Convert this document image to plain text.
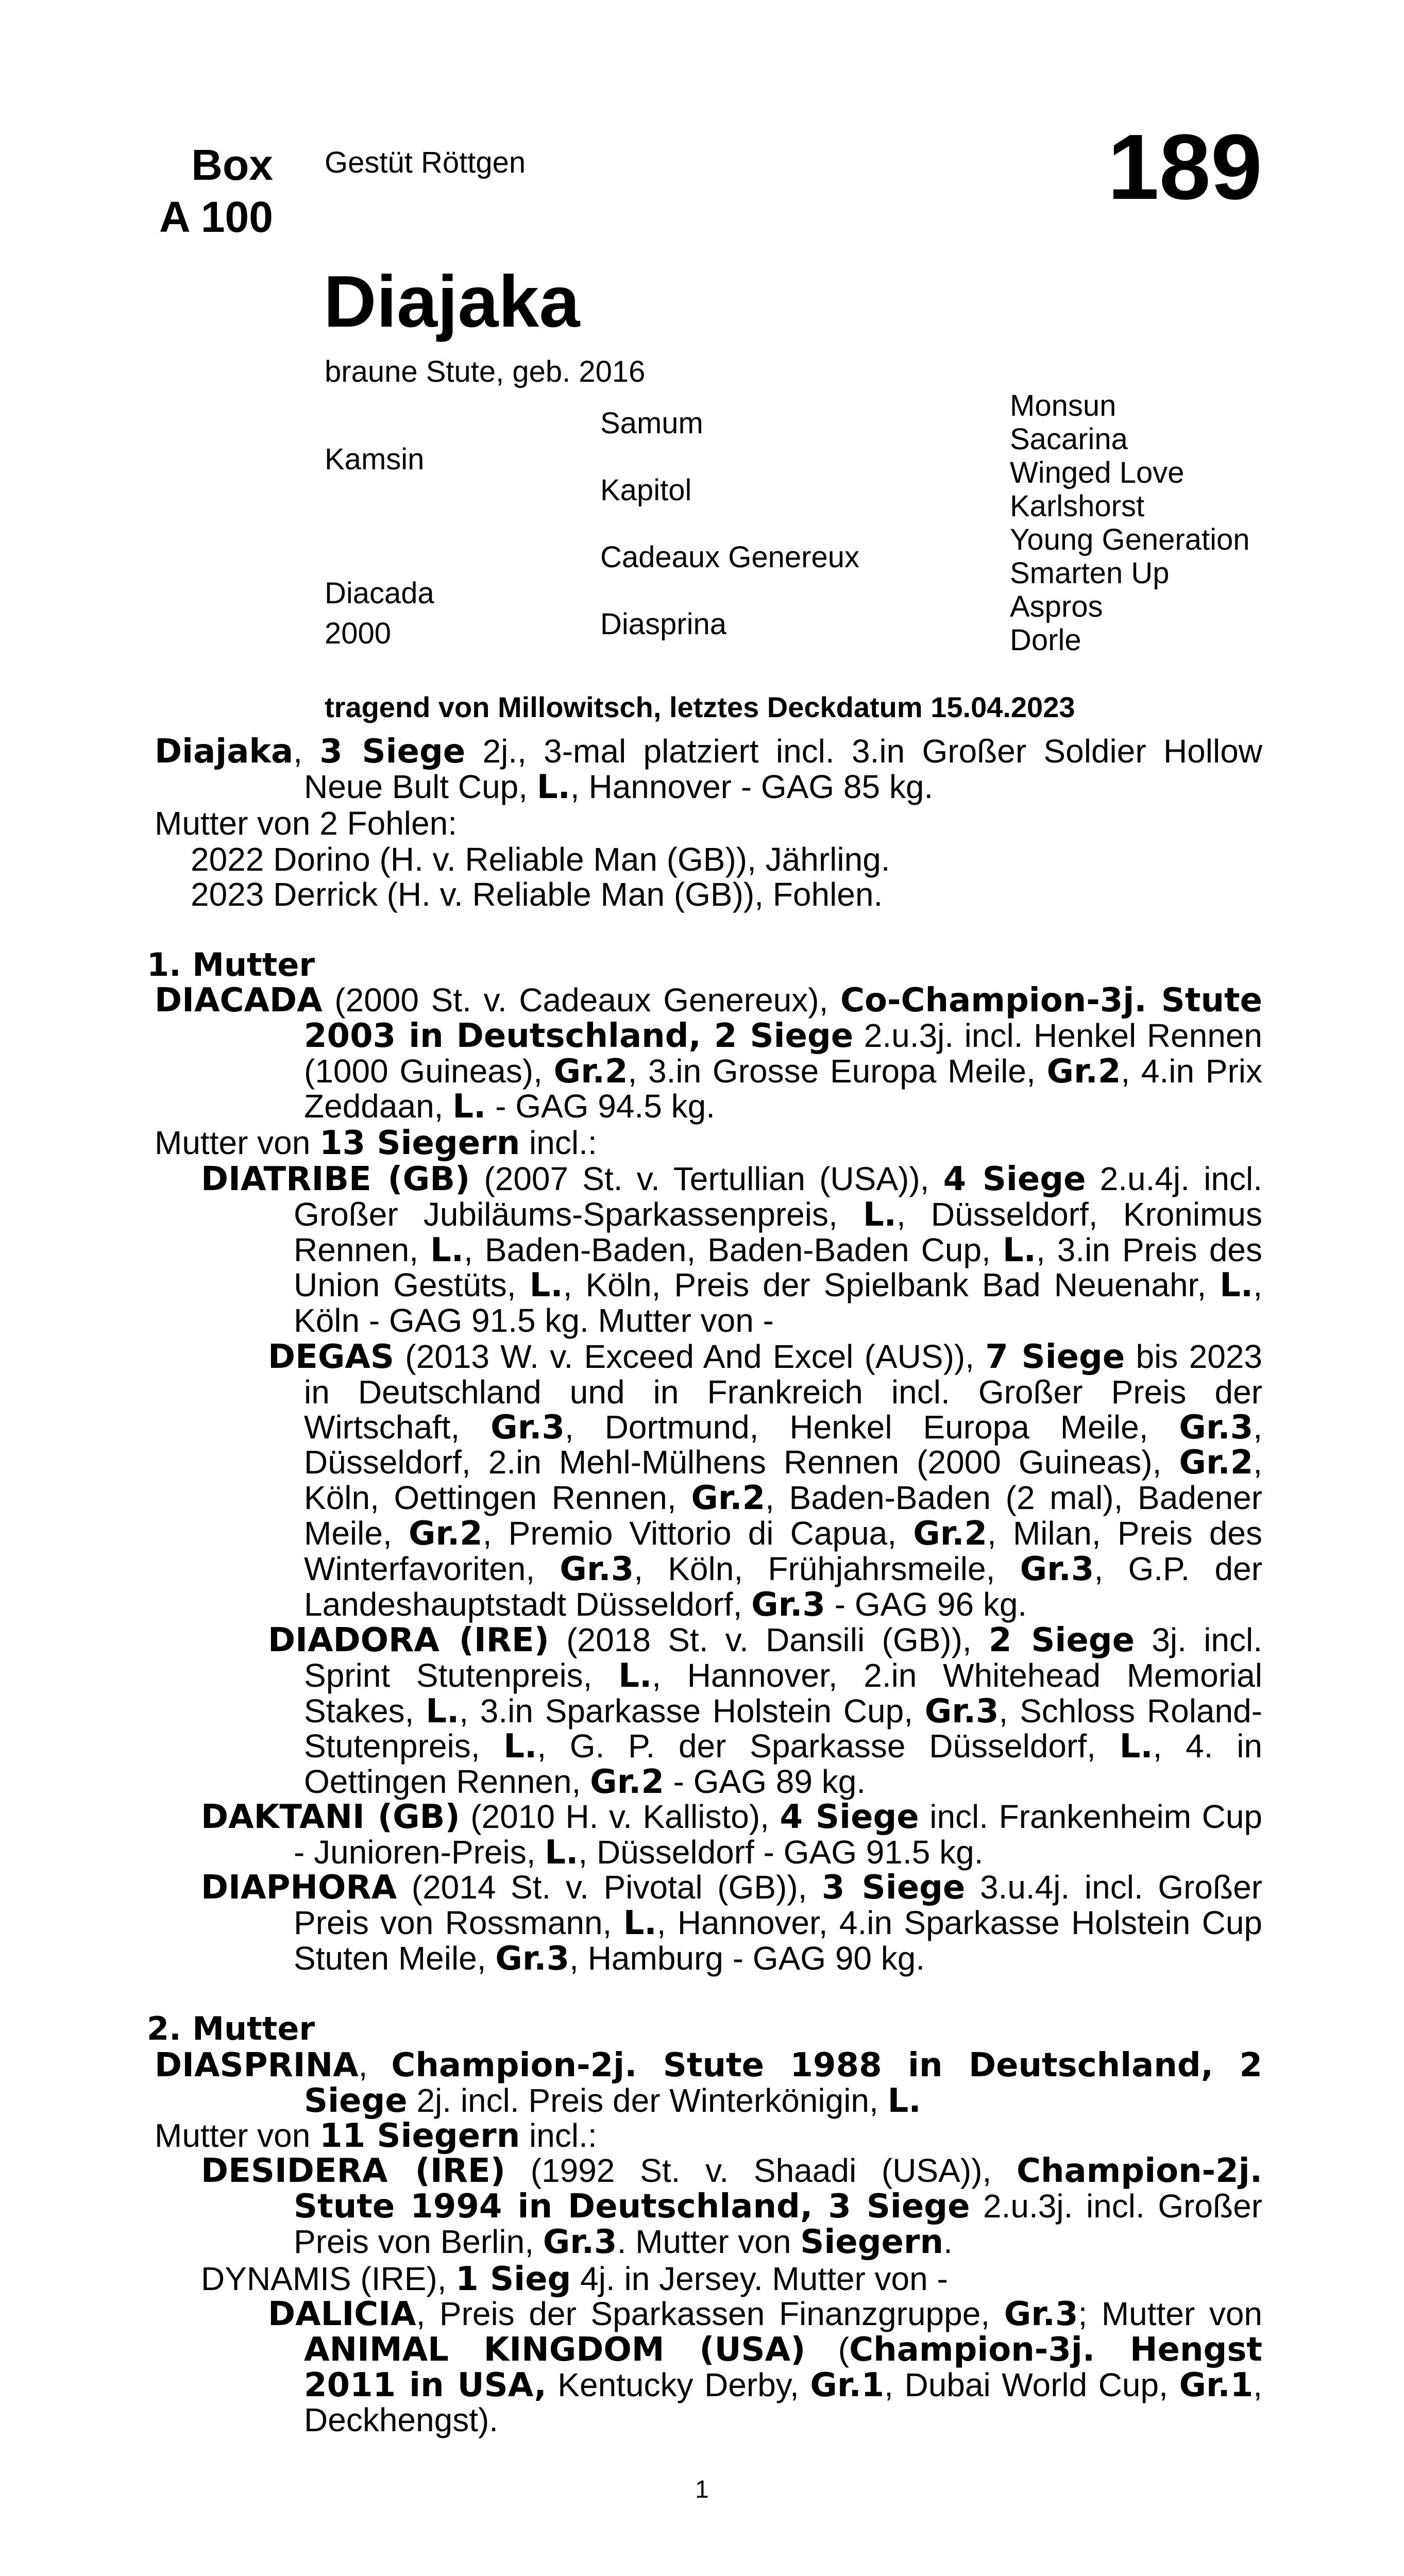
Box
A 100
Gestüt Röttgen	189
Diajaka
braune Stute, geb. 2016
Kamsin
Diacada
2000
Samum
Kapitol
Cadeaux Genereux
Diasprina
Monsun
Sacarina
Winged Love
Karlshorst
Young Generation
Smarten Up
Aspros
Dorle
tragend von Millowitsch, letztes Deckdatum 15.04.2023
Diajaka, 3 Siege 2j., 3-mal platziert incl. 3.in Großer Soldier Hollow Neue Bult Cup, L., Hannover - GAG 85 kg.
Mutter von 2 Fohlen:
2022 Dorino (H. v. Reliable Man (GB)), Jährling.
2023 Derrick (H. v. Reliable Man (GB)), Fohlen.
1. Mutter
DIACADA (2000 St. v. Cadeaux Genereux), Co-Champion-3j. Stute 2003 in Deutschland, 2 Siege 2.u.3j. incl. Henkel Rennen (1000 Guineas), Gr.2, 3.in Grosse Europa Meile, Gr.2, 4.in Prix Zeddaan, L. - GAG 94.5 kg.
Mutter von 13 Siegern incl.:
DIATRIBE (GB) (2007 St. v. Tertullian (USA)), 4 Siege 2.u.4j. incl. Großer Jubiläums-Sparkassenpreis, L., Düsseldorf, Kronimus Rennen, L., Baden-Baden, Baden-Baden Cup, L., 3.in Preis des Union Gestüts, L., Köln, Preis der Spielbank Bad Neuenahr, L., Köln - GAG 91.5 kg. Mutter von -
DEGAS (2013 W. v. Exceed And Excel (AUS)), 7 Siege bis 2023 in Deutschland und in Frankreich incl. Großer Preis der Wirtschaft, Gr.3, Dortmund, Henkel Europa Meile, Gr.3, Düsseldorf, 2.in Mehl-Mülhens Rennen (2000 Guineas), Gr.2, Köln, Oettingen Rennen, Gr.2, Baden-Baden (2 mal), Badener Meile, Gr.2, Premio Vittorio di Capua, Gr.2, Milan, Preis des Winterfavoriten, Gr.3, Köln, Frühjahrsmeile, Gr.3, G.P. der Landeshauptstadt Düsseldorf, Gr.3 - GAG 96 kg.
DIADORA (IRE) (2018 St. v. Dansili (GB)), 2 Siege 3j. incl. Sprint Stutenpreis, L., Hannover, 2.in Whitehead Memorial Stakes, L., 3.in Sparkasse Holstein Cup, Gr.3, Schloss Roland-Stutenpreis, L., G. P. der Sparkasse Düsseldorf, L., 4. in Oettingen Rennen, Gr.2 - GAG 89 kg.
DAKTANI (GB) (2010 H. v. Kallisto), 4 Siege incl. Frankenheim Cup - Junioren-Preis, L., Düsseldorf - GAG 91.5 kg.
DIAPHORA (2014 St. v. Pivotal (GB)), 3 Siege 3.u.4j. incl. Großer Preis von Rossmann, L., Hannover, 4.in Sparkasse Holstein Cup Stuten Meile, Gr.3, Hamburg - GAG 90 kg.
2. Mutter
DIASPRINA, Champion-2j. Stute 1988 in Deutschland, 2 Siege 2j. incl. Preis der Winterkönigin, L.
Mutter von 11 Siegern incl.:
DESIDERA (IRE) (1992 St. v. Shaadi (USA)), Champion-2j. Stute 1994 in Deutschland, 3 Siege 2.u.3j. incl. Großer Preis von Berlin, Gr.3. Mutter von Siegern.
DYNAMIS (IRE), 1 Sieg 4j. in Jersey. Mutter von -
DALICIA, Preis der Sparkassen Finanzgruppe, Gr.3; Mutter von ANIMAL KINGDOM (USA) (Champion-3j. Hengst 2011 in USA, Kentucky Derby, Gr.1, Dubai World Cup, Gr.1, Deckhengst).
1
